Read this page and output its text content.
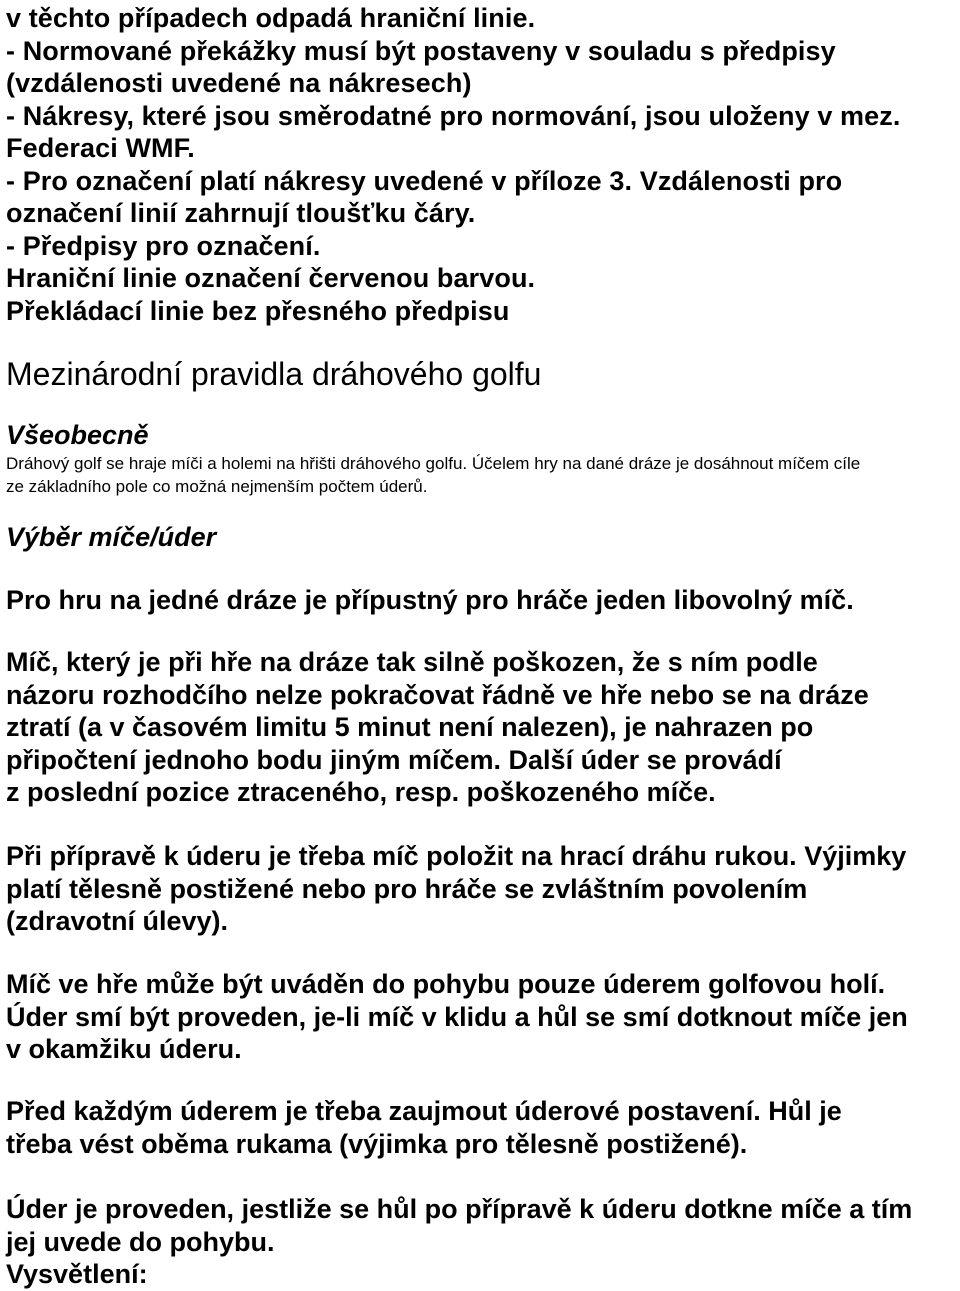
v těchto případech odpadá hraniční linie.
- Normované překážky musí být postaveny v souladu s předpisy
(vzdálenosti uvedené na nákresech)
- Nákresy, které jsou směrodatné pro normování, jsou uloženy v mez.
Federaci WMF.
- Pro označení platí nákresy uvedené v příloze 3. Vzdálenosti pro
označení linií zahrnují tloušťku čáry.
- Předpisy pro označení.
Hraniční linie označení červenou barvou.
Překládací linie bez přesného předpisu
Mezinárodní pravidla dráhového golfu
Všeobecně
Dráhový golf se hraje míči a holemi na hřišti dráhového golfu. Účelem hry na dané dráze je dosáhnout míčem cíle
ze základního pole co možná nejmenším počtem úderů.
Výběr míče/úder

Pro hru na jedné dráze je přípustný pro hráče jeden libovolný míč.

Míč, který je při hře na dráze tak silně poškozen, že s ním podle
názoru rozhodčího nelze pokračovat řádně ve hře nebo se na dráze
ztratí (a v časovém limitu 5 minut není nalezen), je nahrazen po
připočtení jednoho bodu jiným míčem. Další úder se provádí
z poslední pozice ztraceného, resp. poškozeného míče.

Při přípravě k úderu je třeba míč položit na hrací dráhu rukou. Výjimky
platí tělesně postižené nebo pro hráče se zvláštním povolením
(zdravotní úlevy).

Míč ve hře může být uváděn do pohybu pouze úderem golfovou holí.
Úder smí být proveden, je-li míč v klidu a hůl se smí dotknout míče jen
v okamžiku úderu.

Před každým úderem je třeba zaujmout úderové postavení. Hůl je
třeba vést oběma rukama (výjimka pro tělesně postižené).

Úder je proveden, jestliže se hůl po přípravě k úderu dotkne míče a tím
jej uvede do pohybu.

Vysvětlení:
